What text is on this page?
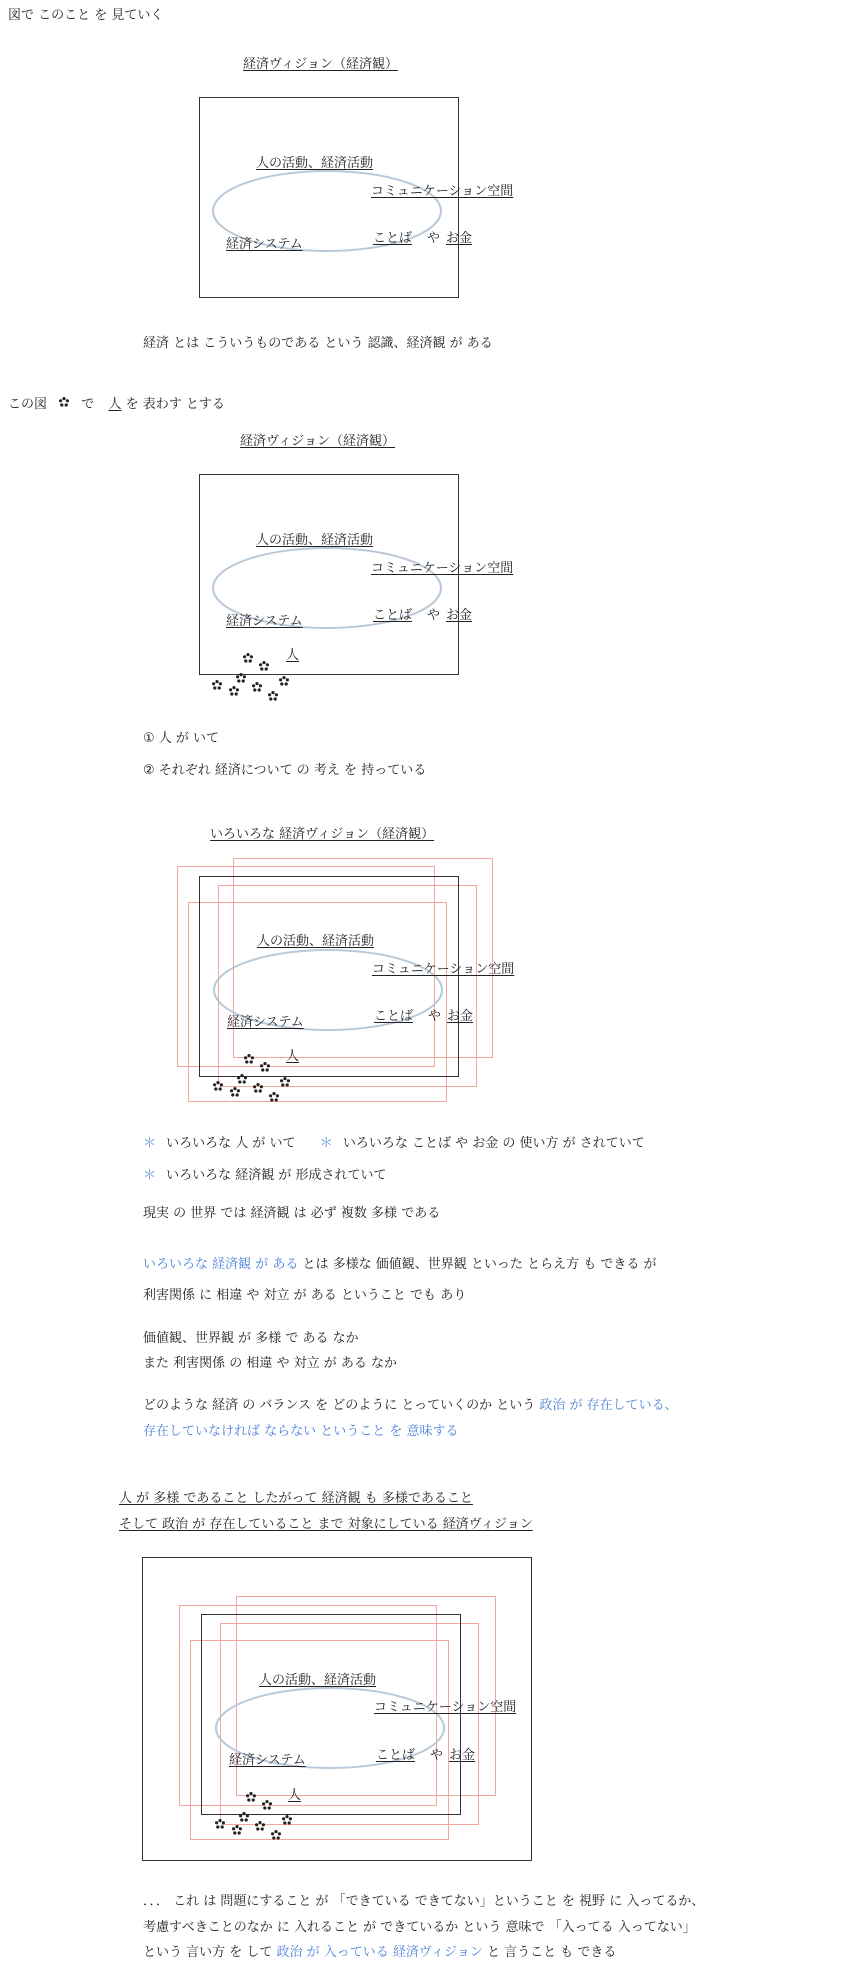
図で このこと を 見ていく
経済ヴィジョン（経済観）
人の活動、経済活動
コミュニケーション空間
経済システム	ことば や お金
経済 とは こういうものである という 認識、経済観 が ある
この図	で 人 を 表わす とする
経済ヴィジョン（経済観）
人の活動、経済活動
コミュニケーション空間
経済システム	ことば や お金
人
① 人 が いて
② それぞれ 経済について の 考え を 持っている
いろいろな 経済ヴィジョン（経済観）
人の活動、経済活動
コミュニケーション空間
経済システム	ことば や お金
人
＊ いろいろな 人 が いて ＊ いろいろな ことば や お金 の 使い方 が されていて
＊ いろいろな 経済観 が 形成されていて
現実 の 世界 では 経済観 は 必ず 複数 多様 である
いろいろな 経済観 が ある とは 多様な 価値観、世界観 といった とらえ方 も できる が
利害関係 に 相違 や 対立 が ある ということ でも あり
価値観、世界観 が 多様 で ある なか
また 利害関係 の 相違 や 対立 が ある なか
どのような 経済 の バランス を どのように とっていくのか という 政治 が 存在している、
存在していなければ ならない ということ を 意味する
人 が 多様 であること したがって 経済観 も 多様であること
そして 政治 が 存在していること まで 対象にしている 経済ヴィジョン
人の活動、経済活動
コミュニケーション空間
経済システム	ことば や お金
人
．．． これ は 問題にすること が 「できている できてない」ということ を 視野 に 入ってるか、
考慮すべきことのなか に 入れること が できているか という 意味で 「入ってる 入ってない」
という 言い方 を して 政治 が 入っている 経済ヴィジョン と 言うこと も できる
